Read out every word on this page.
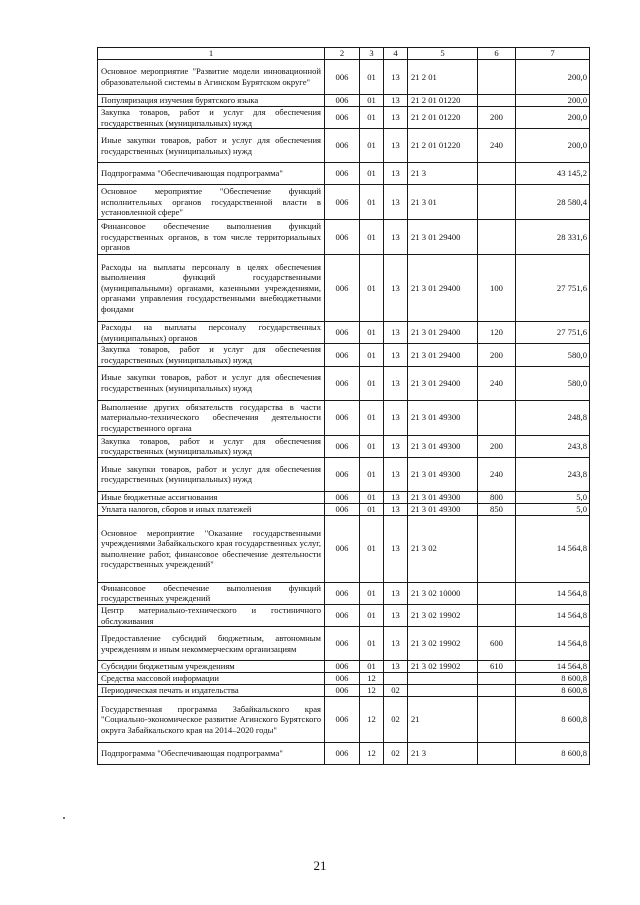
1	2	3	4	5	6	7
Основное мероприятие "Развитие модели инновационной образовательной системы в Агинском Бурятском округе"	006	01	13	21 2 01		200,0
Популяризация изучения бурятского языка	006	01	13	21 2 01 01220		200,0
Закупка товаров, работ и услуг для обеспечения государственных (муниципальных) нужд	006	01	13	21 2 01 01220	200	200,0
Иные закупки товаров, работ и услуг для обеспечения государственных (муниципальных) нужд	006	01	13	21 2 01 01220	240	200,0
Подпрограмма "Обеспечивающая подпрограмма"	006	01	13	21 3		43 145,2
Основное мероприятие "Обеспечение функций исполнительных органов государственной власти в установленной сфере"	006	01	13	21 3 01		28 580,4
Финансовое обеспечение выполнения функций государственных органов, в том числе территориальных органов	006	01	13	21 3 01 29400		28 331,6
Расходы на выплаты персоналу в целях обеспечения выполнения функций государственными (муниципальными) органами, казенными учреждениями, органами управления государственными внебюджетными фондами	006	01	13	21 3 01 29400	100	27 751,6
Расходы на выплаты персоналу государственных (муниципальных) органов	006	01	13	21 3 01 29400	120	27 751,6
Закупка товаров, работ и услуг для обеспечения государственных (муниципальных) нужд	006	01	13	21 3 01 29400	200	580,0
Иные закупки товаров, работ и услуг для обеспечения государственных (муниципальных) нужд	006	01	13	21 3 01 29400	240	580,0
Выполнение других обязательств государства в части материально-технического обеспечения деятельности государственного органа	006	01	13	21 3 01 49300		248,8
Закупка товаров, работ и услуг для обеспечения государственных (муниципальных) нужд	006	01	13	21 3 01 49300	200	243,8
Иные закупки товаров, работ и услуг для обеспечения государственных (муниципальных) нужд	006	01	13	21 3 01 49300	240	243,8
Иные бюджетные ассигнования	006	01	13	21 3 01 49300	800	5,0
Уплата налогов, сборов и иных платежей	006	01	13	21 3 01 49300	850	5,0
Основное мероприятие "Оказание государственными учреждениями Забайкальского края государственных услуг, выполнение работ, финансовое обеспечение деятельности государственных учреждений"	006	01	13	21 3 02		14 564,8
Финансовое обеспечение выполнения функций государственных учреждений	006	01	13	21 3 02 10000		14 564,8
Центр материально-технического и гостиничного обслуживания	006	01	13	21 3 02 19902		14 564,8
Предоставление субсидий бюджетным, автономным учреждениям и иным некоммерческим организациям	006	01	13	21 3 02 19902	600	14 564,8
Субсидии бюджетным учреждениям	006	01	13	21 3 02 19902	610	14 564,8
Средства массовой информации	006	12				8 600,8
Периодическая печать и издательства	006	12	02			8 600,8
Государственная программа Забайкальского края "Социально-экономическое развитие Агинского Бурятского округа Забайкальского края на 2014–2020 годы"	006	12	02	21		8 600,8
Подпрограмма "Обеспечивающая подпрограмма"	006	12	02	21 3		8 600,8
21
